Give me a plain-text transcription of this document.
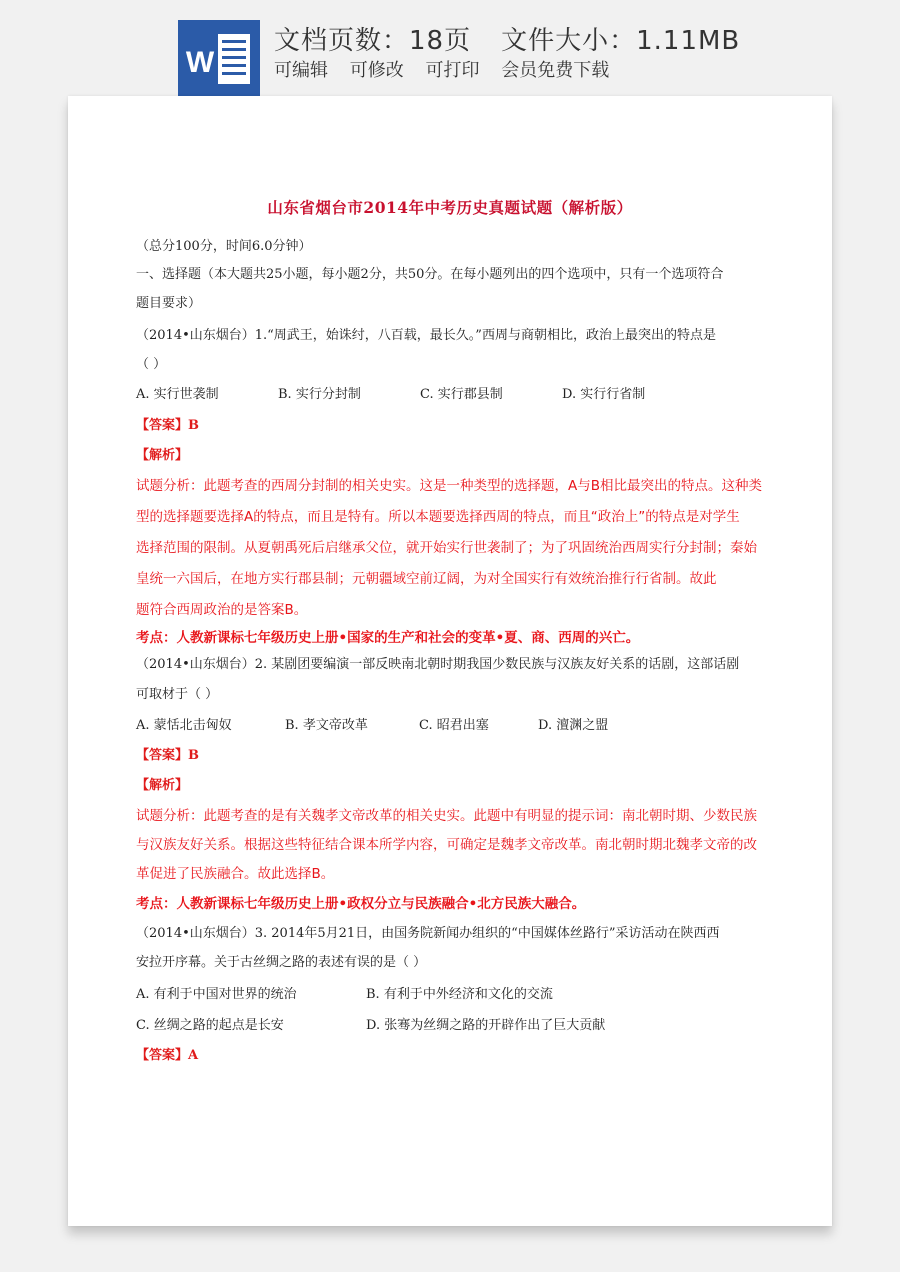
W
文档页数：18页 文件大小：1.11MB
可编辑 可修改 可打印 会员免费下载
山东省烟台市2014年中考历史真题试题（解析版）
（总分100分，时间6.0分钟）
一、选择题（本大题共25小题，每小题2分，共50分。在每小题列出的四个选项中，只有一个选项符合
题目要求）
（2014•山东烟台）1.“周武王，始诛纣，八百载，最长久。”西周与商朝相比，政治上最突出的特点是
（ ）
A. 实行世袭制	B. 实行分封制	C. 实行郡县制	D. 实行行省制
【答案】B
【解析】
试题分析：此题考查的西周分封制的相关史实。这是一种类型的选择题，A与B相比最突出的特点。这种类
型的选择题要选择A的特点，而且是特有。所以本题要选择西周的特点，而且“政治上”的特点是对学生
选择范围的限制。从夏朝禹死后启继承父位，就开始实行世袭制了；为了巩固统治西周实行分封制；秦始
皇统一六国后，在地方实行郡县制；元朝疆域空前辽阔，为对全国实行有效统治推行行省制。故此
题符合西周政治的是答案B。
考点：人教新课标七年级历史上册•国家的生产和社会的变革•夏、商、西周的兴亡。
（2014•山东烟台）2. 某剧团要编演一部反映南北朝时期我国少数民族与汉族友好关系的话剧，这部话剧
可取材于（ ）
A. 蒙恬北击匈奴	B. 孝文帝改革	C. 昭君出塞	D. 澶渊之盟
【答案】B
【解析】
试题分析：此题考查的是有关魏孝文帝改革的相关史实。此题中有明显的提示词：南北朝时期、少数民族
与汉族友好关系。根据这些特征结合课本所学内容，可确定是魏孝文帝改革。南北朝时期北魏孝文帝的改
革促进了民族融合。故此选择B。
考点：人教新课标七年级历史上册•政权分立与民族融合•北方民族大融合。
（2014•山东烟台）3. 2014年5月21日，由国务院新闻办组织的“中国媒体丝路行”采访活动在陕西西
安拉开序幕。关于古丝绸之路的表述有误的是（ ）
A. 有利于中国对世界的统治	B. 有利于中外经济和文化的交流
C. 丝绸之路的起点是长安	D. 张骞为丝绸之路的开辟作出了巨大贡献
【答案】A
